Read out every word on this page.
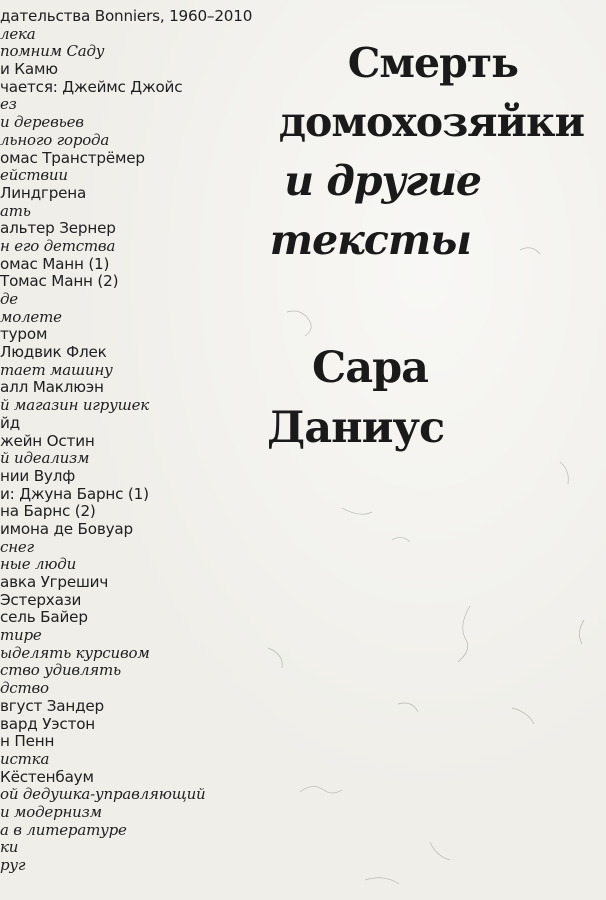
дательства Bonniers, 1960–2010
лека
помним Саду
и Камю
чается: Джеймс Джойс
ез
и деревьев
льного города
омас Транстрёмер
ействии
Линдгрена
ать
альтер Зернер
н его детства
омас Манн (1)
Томас Манн (2)
де
молете
туром
Людвик Флек
тает машину
алл Маклюэн
й магазин игрушек
йд
жейн Остин
й идеализм
нии Вулф
и: Джуна Барнс (1)
на Барнс (2)
имона де Бовуар
снег
ные люди
авка Угрешич
Эстерхази
сель Байер
тире
ыделять курсивом
ство удивлять
дство
вгуст Зандер
вард Уэстон
н Пенн
истка
Кёстенбаум
ой дедушка-управляющий
и модернизм
а в литературе
ки
руг
Смерть
домохозяйки
и другие
тексты
Сара
Даниус
